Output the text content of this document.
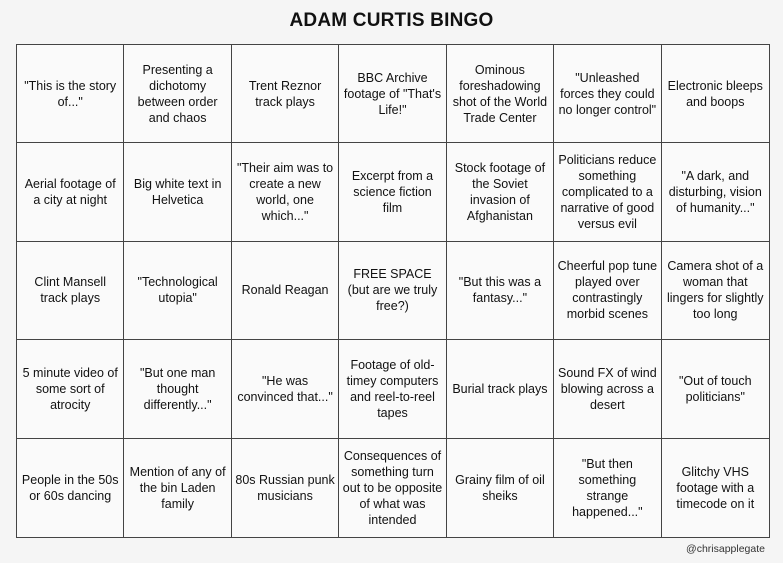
ADAM CURTIS BINGO
"This is the story of..."
Presenting a dichotomy between order and chaos
Trent Reznor track plays
BBC Archive footage of "That's Life!"
Ominous foreshadowing shot of the World Trade Center
"Unleashed forces they could no longer control"
Electronic bleeps and boops
Aerial footage of a city at night
Big white text in Helvetica
"Their aim was to create a new world, one which..."
Excerpt from a science fiction film
Stock footage of the Soviet invasion of Afghanistan
Politicians reduce something complicated to a narrative of good versus evil
"A dark, and disturbing, vision of humanity..."
Clint Mansell track plays
"Technological utopia"
Ronald Reagan
FREE SPACE (but are we truly free?)
"But this was a fantasy..."
Cheerful pop tune played over contrastingly morbid scenes
Camera shot of a woman that lingers for slightly too long
5 minute video of some sort of atrocity
"But one man thought differently..."
"He was convinced that..."
Footage of old-timey computers and reel-to-reel tapes
Burial track plays
Sound FX of wind blowing across a desert
"Out of touch politicians"
People in the 50s or 60s dancing
Mention of any of the bin Laden family
80s Russian punk musicians
Consequences of something turn out to be opposite of what was intended
Grainy film of oil sheiks
"But then something strange happened..."
Glitchy VHS footage with a timecode on it
@chrisapplegate
